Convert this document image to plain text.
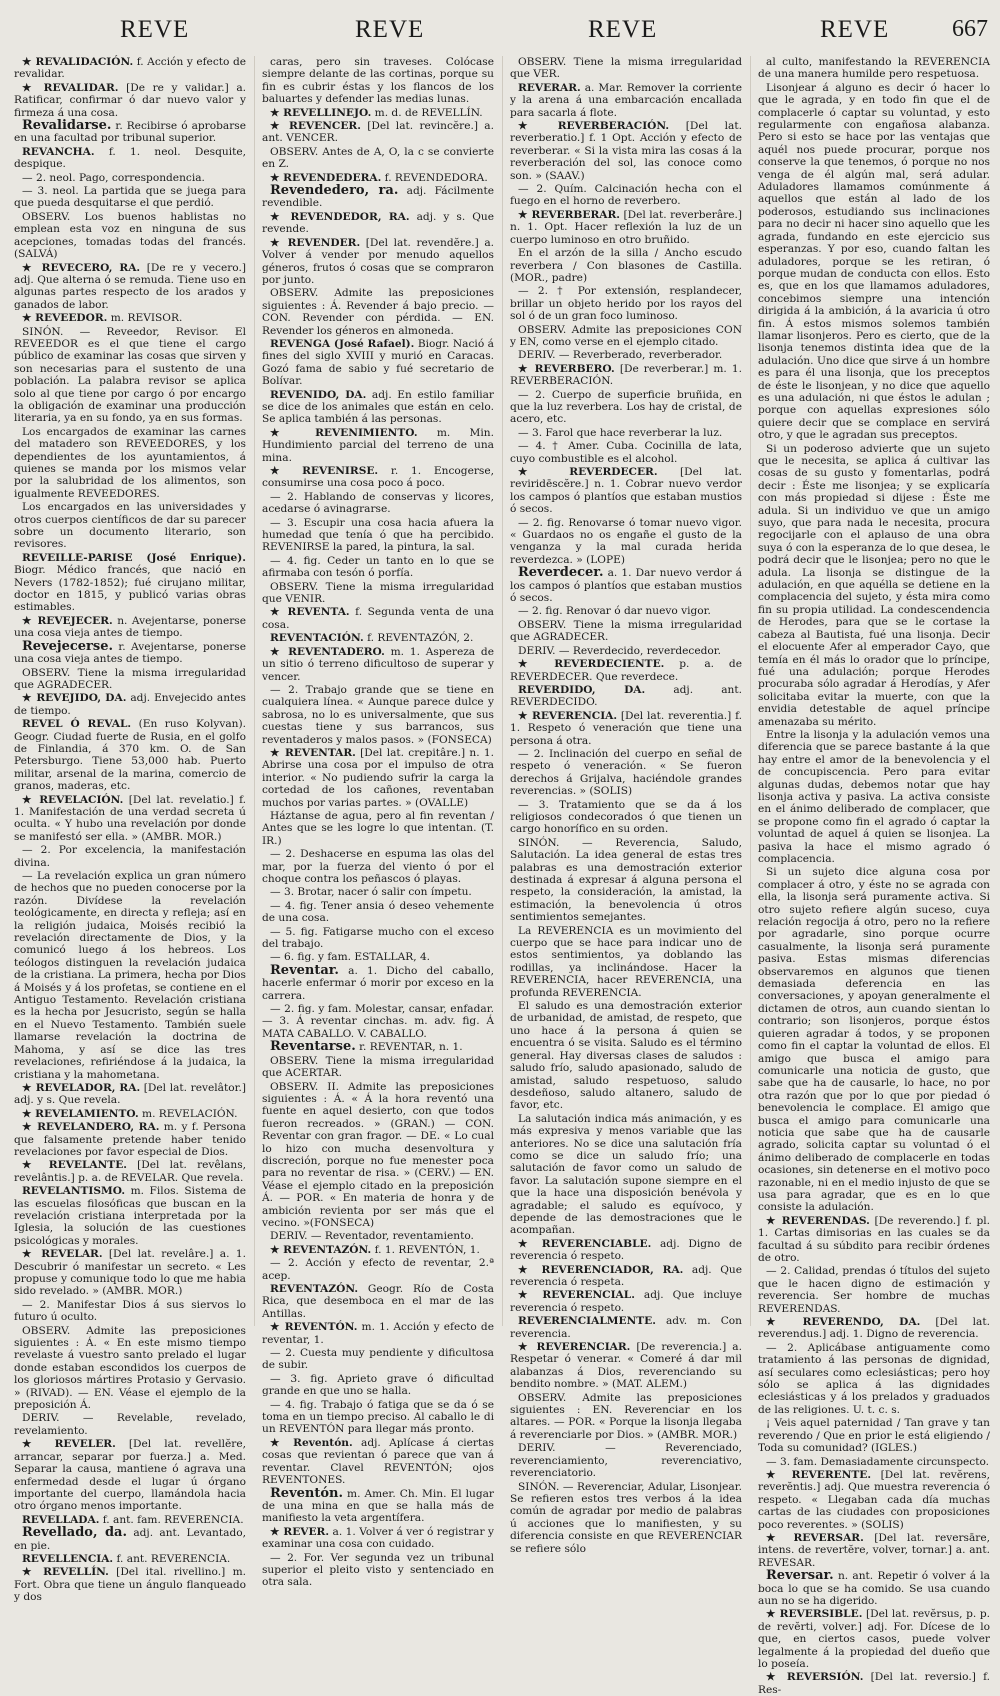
REVE	REVE	REVE	REVE	667

★ REVALIDACIÓN. f. Acción y efecto de revalidar.

★ REVALIDAR. [De re y validar.] a. Ratificar, confirmar ó dar nuevo valor y firmeza á una cosa.

Revalidarse. r. Recibirse ó aprobarse en una facultad por tribunal superior.

REVANCHA. f. 1. neol. Desquite, despique.

— 2. neol. Pago, correspondencia.

— 3. neol. La partida que se juega para que pueda desquitarse el que perdió.

OBSERV. Los buenos hablistas no emplean esta voz en ninguna de sus acepciones, tomadas todas del francés. (SALVÁ)

★ REVECERO, RA. [De re y vecero.] adj. Que alterna ó se remuda. Tiene uso en algunas partes respecto de los arados y ganados de labor.

★ REVEEDOR. m. REVISOR.

SINÓN. — Reveedor, Revisor. El REVEEDOR es el que tiene el cargo público de examinar las cosas que sirven y son necesarias para el sustento de una población. La palabra revisor se aplica solo al que tiene por cargo ó por encargo la obligación de examinar una producción literaria, ya en su fondo, ya en sus formas.

Los encargados de examinar las carnes del matadero son REVEEDORES, y los dependientes de los ayuntamientos, á quienes se manda por los mismos velar por la salubridad de los alimentos, son igualmente REVEEDORES.

Los encargados en las universidades y otros cuerpos científicos de dar su parecer sobre un documento literario, son revisores.

REVEILLE-PARISE (José Enrique). Biogr. Médico francés, que nació en Nevers (1782-1852); fué cirujano militar, doctor en 1815, y publicó varias obras estimables.

★ REVEJECER. n. Avejentarse, ponerse una cosa vieja antes de tiempo.

Revejecerse. r. Avejentarse, ponerse una cosa vieja antes de tiempo.

OBSERV. Tiene la misma irregularidad que AGRADECER.

★ REVEJIDO, DA. adj. Envejecido antes de tiempo.

REVEL Ó REVAL. (En ruso Kolyvan). Geogr. Ciudad fuerte de Rusia, en el golfo de Finlandia, á 370 km. O. de San Petersburgo. Tiene 53,000 hab. Puerto militar, arsenal de la marina, comercio de granos, maderas, etc.

★ REVELACIÓN. [Del lat. revelatio.] f. 1. Manifestación de una verdad secreta ú oculta. « Y hubo una revelación por donde se manifestó ser ella. » (AMBR. MOR.)

— 2. Por excelencia, la manifestación divina.

— La revelación explica un gran número de hechos que no pueden conocerse por la razón. Divídese la revelación teológicamente, en directa y refleja; así en la religión judaica, Moisés recibió la revelación directamente de Dios, y la comunicó luego á los hebreos. Los teólogos distinguen la revelación judaica de la cristiana. La primera, hecha por Dios á Moisés y á los profetas, se contiene en el Antiguo Testamento. Revelación cristiana es la hecha por Jesucristo, según se halla en el Nuevo Testamento. También suele llamarse revelación la doctrina de Mahoma, y así se dice las tres revelaciones, refiriéndose á la judaica, la cristiana y la mahometana.

★ REVELADOR, RA. [Del lat. revelâtor.] adj. y s. Que revela.

★ REVELAMIENTO. m. REVELACIÓN.

★ REVELANDERO, RA. m. y f. Persona que falsamente pretende haber tenido revelaciones por favor especial de Dios.

★ REVELANTE. [Del lat. revêlans, revelântis.] p. a. de REVELAR. Que revela.

REVELANTISMO. m. Filos. Sistema de las escuelas filosóficas que buscan en la revelación cristiana interpretada por la Iglesia, la solución de las cuestiones psicológicas y morales.

★ REVELAR. [Del lat. revelâre.] a. 1. Descubrir ó manifestar un secreto. « Les propuse y comunique todo lo que me habia sido revelado. » (AMBR. MOR.)

— 2. Manifestar Dios á sus siervos lo futuro ú oculto.

OBSERV. Admite las preposiciones siguientes : Á. « En este mismo tiempo revelaste á vuestro santo prelado el lugar donde estaban escondidos los cuerpos de los gloriosos mártires Protasio y Gervasio. » (RIVAD). — EN. Véase el ejemplo de la preposición Á.

DERIV. — Revelable, revelado, revelamiento.

★ REVELER. [Del lat. revellĕre, arrancar, separar por fuerza.] a. Med. Separar la causa, mantiene ó agrava una enfermedad desde el lugar ú órgano importante del cuerpo, llamándola hacia otro órgano menos importante.

REVELLADA. f. ant. fam. REVERENCIA.

Revellado, da. adj. ant. Levantado, en pie.

REVELLENCIA. f. ant. REVERENCIA.

★ REVELLÍN. [Del ital. rivellino.] m. Fort. Obra que tiene un ángulo flanqueado y dos

caras, pero sin traveses. Colócase siempre delante de las cortinas, porque su fin es cubrir éstas y los flancos de los baluartes y defender las medias lunas.

★ REVELLINEJO. m. d. de REVELLÍN.

★ REVENCER. [Del lat. revincĕre.] a. ant. VENCER.

OBSERV. Antes de A, O, la c se convierte en Z.

★ REVENDEDERA. f. REVENDEDORA.

Revendedero, ra. adj. Fácilmente revendible.

★ REVENDEDOR, RA. adj. y s. Que revende.

★ REVENDER. [Del lat. revendĕre.] a. Volver á vender por menudo aquellos géneros, frutos ó cosas que se compraron por junto.

OBSERV. Admite las preposiciones siguientes : Á. Revender á bajo precio. — CON. Revender con pérdida. — EN. Revender los géneros en almoneda.

REVENGA (José Rafael). Biogr. Nació á fines del siglo XVIII y murió en Caracas. Gozó fama de sabio y fué secretario de Bolívar.

REVENIDO, DA. adj. En estilo familiar se dice de los animales que están en celo. Se aplica también á las personas.

★ REVENIMIENTO. m. Min. Hundimiento parcial del terreno de una mina.

★ REVENIRSE. r. 1. Encogerse, consumirse una cosa poco á poco.

— 2. Hablando de conservas y licores, acedarse ó avinagrarse.

— 3. Escupir una cosa hacia afuera la humedad que tenía ó que ha percibido. REVENIRSE la pared, la pintura, la sal.

— 4. fig. Ceder un tanto en lo que se afirmaba con tesón ó porfía.

OBSERV. Tiene la misma irregularidad que VENIR.

★ REVENTA. f. Segunda venta de una cosa.

REVENTACIÓN. f. REVENTAZÓN, 2.

★ REVENTADERO. m. 1. Aspereza de un sitio ó terreno dificultoso de superar y vencer.

— 2. Trabajo grande que se tiene en cualquiera línea. « Aunque parece dulce y sabrosa, no lo es universalmente, que sus cuestas tiene y sus barrancos, sus reventaderos y malos pasos. » (FONSECA)

★ REVENTAR. [Del lat. crepitâre.] n. 1. Abrirse una cosa por el impulso de otra interior. « No pudiendo sufrir la carga la cortedad de los cañones, reventaban muchos por varias partes. » (OVALLE)

Háztanse de agua, pero al fin reventan / Antes que se les logre lo que intentan. (T. IR.)

— 2. Deshacerse en espuma las olas del mar, por la fuerza del viento ó por el choque contra los peñascos ó playas.

— 3. Brotar, nacer ó salir con ímpetu.

— 4. fig. Tener ansia ó deseo vehemente de una cosa.

— 5. fig. Fatigarse mucho con el exceso del trabajo.

— 6. fig. y fam. ESTALLAR, 4.

Reventar. a. 1. Dicho del caballo, hacerle enfermar ó morir por exceso en la carrera.

— 2. fig. y fam. Molestar, cansar, enfadar. — 3. Á reventar cinchas. m. adv. fig. Á MATA CABALLO. V. CABALLO.

Reventarse. r. REVENTAR, n. 1.

OBSERV. Tiene la misma irregularidad que ACERTAR.

OBSERV. II. Admite las preposiciones siguientes : Á. « Á la hora reventó una fuente en aquel desierto, con que todos fueron recreados. » (GRAN.) — CON. Reventar con gran fragor. — DE. « Lo cual lo hizo con mucha desenvoltura y discreción, porque no fue menester poca para no reventar de risa. » (CERV.) — EN. Véase el ejemplo citado en la preposición Á. — POR. « En materia de honra y de ambición revienta por ser más que el vecino. »(FONSECA)

DERIV. — Reventador, reventamiento.

★ REVENTAZÓN. f. 1. REVENTÓN, 1.

— 2. Acción y efecto de reventar, 2.ª acep.

REVENTAZÓN. Geogr. Río de Costa Rica, que desemboca en el mar de las Antillas.

★ REVENTÓN. m. 1. Acción y efecto de reventar, 1.

— 2. Cuesta muy pendiente y dificultosa de subir.

— 3. fig. Aprieto grave ó dificultad grande en que uno se halla.

— 4. fig. Trabajo ó fatiga que se da ó se toma en un tiempo preciso. Al caballo le di un REVENTÓN para llegar más pronto.

★ Reventón. adj. Aplícase á ciertas cosas que revientan ó parece que van á reventar. Clavel REVENTÓN; ojos REVENTONES.

Reventón. m. Amer. Ch. Min. El lugar de una mina en que se halla más de manifiesto la veta argentífera.

★ REVER. a. 1. Volver á ver ó registrar y examinar una cosa con cuidado.

— 2. For. Ver segunda vez un tribunal superior el pleito visto y sentenciado en otra sala.

OBSERV. Tiene la misma irregularidad que VER.

REVERAR. a. Mar. Remover la corriente y la arena á una embarcación encallada para sacarla á flote.

★ REVERBERACIÓN. [Del lat. reverberatio.] f. 1 Opt. Acción y efecto de reverberar. « Si la vista mira las cosas á la reverberación del sol, las conoce como son. » (SAAV.)

— 2. Quím. Calcinación hecha con el fuego en el horno de reverbero.

★ REVERBERAR. [Del lat. reverberâre.] n. 1. Opt. Hacer reflexión la luz de un cuerpo luminoso en otro bruñido.

En el arzón de la silla / Ancho escudo reverbera / Con blasones de Castilla. (MOR., padre)

— 2. † Por extensión, resplandecer, brillar un objeto herido por los rayos del sol ó de un gran foco luminoso.

OBSERV. Admite las preposiciones CON y EN, como verse en el ejemplo citado.

DERIV. — Reverberado, reverberador.

★ REVERBERO. [De reverberar.] m. 1. REVERBERACIÓN.

— 2. Cuerpo de superficie bruñida, en que la luz reverbera. Los hay de cristal, de acero, etc.

— 3. Farol que hace reverberar la luz.

— 4. † Amer. Cuba. Cocinilla de lata, cuyo combustible es el alcohol.

★ REVERDECER. [Del lat. reviridēscĕre.] n. 1. Cobrar nuevo verdor los campos ó plantíos que estaban mustios ó secos.

— 2. fig. Renovarse ó tomar nuevo vigor. « Guardaos no os engañe el gusto de la venganza y la mal curada herida reverdezca. » (LOPE)

Reverdecer. a. 1. Dar nuevo verdor á los campos ó plantíos que estaban mustios ó secos.

— 2. fig. Renovar ó dar nuevo vigor.

OBSERV. Tiene la misma irregularidad que AGRADECER.

DERIV. — Reverdecido, reverdecedor.

★ REVERDECIENTE. p. a. de REVERDECER. Que reverdece.

REVERDIDO, DA. adj. ant. REVERDECIDO.

★ REVERENCIA. [Del lat. reverentia.] f. 1. Respeto ó veneración que tiene una persona á otra.

— 2. Inclinación del cuerpo en señal de respeto ó veneración. « Se fueron derechos á Grijalva, haciéndole grandes reverencias. » (SOLIS)

— 3. Tratamiento que se da á los religiosos condecorados ó que tienen un cargo honorífico en su orden.

SINÓN. — Reverencia, Saludo, Salutación. La idea general de estas tres palabras es una demostración exterior destinada á expresar á alguna persona el respeto, la consideración, la amistad, la estimación, la benevolencia ú otros sentimientos semejantes.

La REVERENCIA es un movimiento del cuerpo que se hace para indicar uno de estos sentimientos, ya doblando las rodillas, ya inclinándose. Hacer la REVERENCIA, hacer REVERENCIA, una profunda REVERENCIA.

El saludo es una demostración exterior de urbanidad, de amistad, de respeto, que uno hace á la persona á quien se encuentra ó se visita. Saludo es el término general. Hay diversas clases de saludos : saludo frío, saludo apasionado, saludo de amistad, saludo respetuoso, saludo desdeñoso, saludo altanero, saludo de favor, etc.

La salutación indica más animación, y es más expresiva y menos variable que las anteriores. No se dice una salutación fría como se dice un saludo frío; una salutación de favor como un saludo de favor. La salutación supone siempre en el que la hace una disposición benévola y agradable; el saludo es equívoco, y depende de las demostraciones que le acompañan.

★ REVERENCIABLE. adj. Digno de reverencia ó respeto.

★ REVERENCIADOR, RA. adj. Que reverencia ó respeta.

★ REVERENCIAL. adj. Que incluye reverencia ó respeto.

REVERENCIALMENTE. adv. m. Con reverencia.

★ REVERENCIAR. [De reverencia.] a. Respetar ó venerar. « Comeré á dar mil alabanzas á Dios, reverenciando su bendito nombre. » (MAT. ALEM.)

OBSERV. Admite las preposiciones siguientes : EN. Reverenciar en los altares. — POR. « Porque la lisonja llegaba á reverenciarle por Dios. » (AMBR. MOR.)

DERIV. — Reverenciado, reverenciamiento, reverenciativo, reverenciatorio.

SINÓN. — Reverenciar, Adular, Lisonjear. Se refieren estos tres verbos á la idea común de agradar por medio de palabras ú acciones que lo manifiesten, y su diferencia consiste en que REVERENCIAR se refiere sólo

al culto, manifestando la REVERENCIA de una manera humilde pero respetuosa.

Lisonjear á alguno es decir ó hacer lo que le agrada, y en todo fin que el de complacerle ó captar su voluntad, y esto regularmente con engañosa alabanza. Pero si esto se hace por las ventajas que aquél nos puede procurar, porque nos conserve la que tenemos, ó porque no nos venga de él algún mal, será adular. Aduladores llamamos comúnmente á aquellos que están al lado de los poderosos, estudiando sus inclinaciones para no decir ni hacer sino aquello que les agrada, fundando en este ejercicio sus esperanzas. Y por eso, cuando faltan les aduladores, porque se les retiran, ó porque mudan de conducta con ellos. Esto es, que en los que llamamos aduladores, concebimos siempre una intención dirigida á la ambición, á la avaricia ú otro fin. Á estos mismos solemos también llamar lisonjeros. Pero es cierto, que de la lisonja tenemos distinta idea que de la adulación. Uno dice que sirve á un hombre es para él una lisonja, que los preceptos de éste le lisonjean, y no dice que aquello es una adulación, ni que éstos le adulan ; porque con aquellas expresiones sólo quiere decir que se complace en servirá otro, y que le agradan sus preceptos.

Si un poderoso advierte que un sujeto que le necesita, se aplica á cultivar las cosas de su gusto y fomentarlas, podrá decir : Éste me lisonjea; y se explicaría con más propiedad si dijese : Éste me adula. Si un individuo ve que un amigo suyo, que para nada le necesita, procura regocijarle con el aplauso de una obra suya ó con la esperanza de lo que desea, le podrá decir que le lisonjea; pero no que le adula. La lisonja se distingue de la adulación, en que aquélla se detiene en la complacencia del sujeto, y ésta mira como fin su propia utilidad. La condescendencia de Herodes, para que se le cortase la cabeza al Bautista, fué una lisonja. Decir el elocuente Afer al emperador Cayo, que temía en él más lo orador que lo príncipe, fué una adulación; porque Herodes procuraba sólo agradar á Herodías, y Afer solicitaba evitar la muerte, con que la envidia detestable de aquel príncipe amenazaba su mérito.

Entre la lisonja y la adulación vemos una diferencia que se parece bastante á la que hay entre el amor de la benevolencia y el de concupiscencia. Pero para evitar algunas dudas, debemos notar que hay lisonja activa y pasiva. La activa consiste en el ánimo deliberado de complacer, que se propone como fin el agrado ó captar la voluntad de aquel á quien se lisonjea. La pasiva la hace el mismo agrado ó complacencia.

Si un sujeto dice alguna cosa por complacer á otro, y éste no se agrada con ella, la lisonja será puramente activa. Si otro sujeto refiere algún suceso, cuya relación regocija á otro, pero no la refiere por agradarle, sino porque ocurre casualmente, la lisonja será puramente pasiva. Estas mismas diferencias observaremos en algunos que tienen demasiada deferencia en las conversaciones, y apoyan generalmente el dictamen de otros, aun cuando sientan lo contrario; son lisonjeros, porque éstos quieren agradar á todos, y se proponen como fin el captar la voluntad de ellos. El amigo que busca el amigo para comunicarle una noticia de gusto, que sabe que ha de causarle, lo hace, no por otra razón que por lo que por piedad ó benevolencia le complace. El amigo que busca el amigo para comunicarle una noticia que sabe que ha de causarle agrado, solicita captar su voluntad ó el ánimo deliberado de complacerle en todas ocasiones, sin detenerse en el motivo poco razonable, ni en el medio injusto de que se usa para agradar, que es en lo que consiste la adulación.

★ REVERENDAS. [De reverendo.] f. pl. 1. Cartas dimisorias en las cuales se da facultad á su súbdito para recibir órdenes de otro.

— 2. Calidad, prendas ó títulos del sujeto que le hacen digno de estimación y reverencia. Ser hombre de muchas REVERENDAS.

★ REVERENDO, DA. [Del lat. reverendus.] adj. 1. Digno de reverencia.

— 2. Aplicábase antiguamente como tratamiento á las personas de dignidad, así seculares como eclesiásticas; pero hoy sólo se aplica á las dignidades eclesiásticas y á los prelados y graduados de las religiones. U. t. c. s.

¡ Veis aquel paternidad / Tan grave y tan reverendo / Que en prior le está eligiendo / Toda su comunidad? (IGLES.)

— 3. fam. Demasiadamente circunspecto.

★ REVERENTE. [Del lat. revĕrens, reverĕntis.] adj. Que muestra reverencia ó respeto. « Llegaban cada día muchas cartas de las ciudades con proposiciones poco reverentes. » (SOLIS)

★ REVERSAR. [Del lat. reversāre, intens. de revertĕre, volver, tornar.] a. ant. REVESAR.

Reversar. n. ant. Repetir ó volver á la boca lo que se ha comido. Se usa cuando aun no se ha digerido.

★ REVERSIBLE. [Del lat. revĕrsus, p. p. de revĕrti, volver.] adj. For. Dícese de lo que, en ciertos casos, puede volver legalmente á la propiedad del dueño que lo poseía.

★ REVERSIÓN. [Del lat. reversio.] f. Res-
